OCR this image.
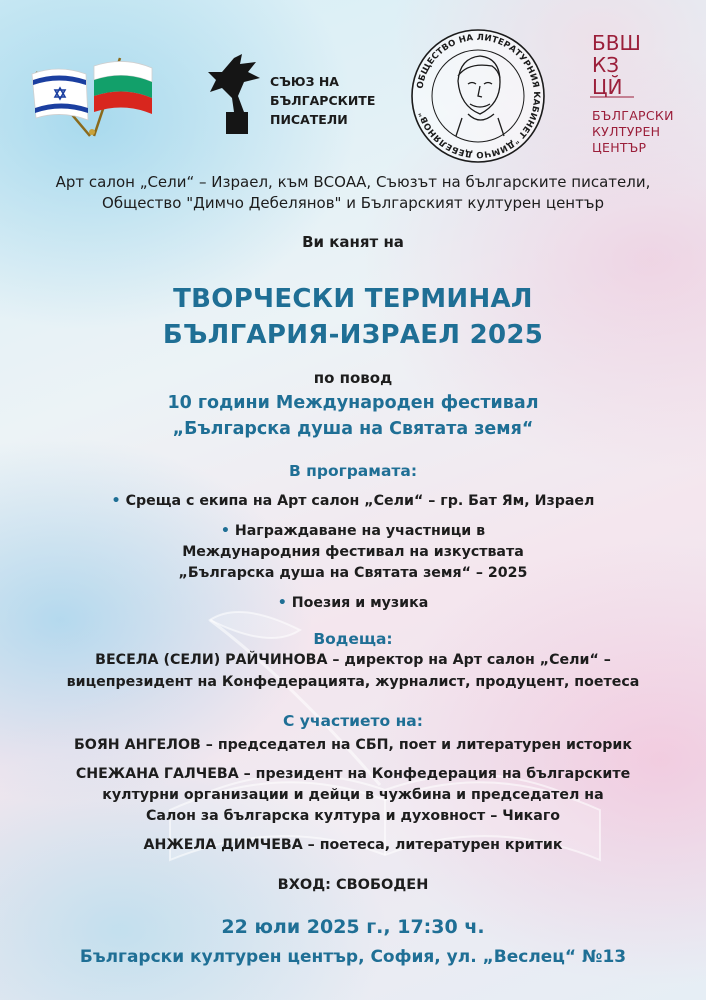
СЪЮЗ НА
БЪЛГАРСКИТЕ
ПИСАТЕЛИ
ОБЩЕСТВО НА ЛИТЕРАТУРНИЯ КАБИНЕТ "ДИМЧО ДЕБЕЛЯНОВ"
БВШ
КЗ
ЦЙ
БЪЛГАРСКИ
КУЛТУРЕН
ЦЕНТЪР
Арт салон „Сели“ – Израел, към ВСОАА, Съюзът на българските писатели,
Общество "Димчо Дебелянов" и Българският културен център
Ви канят на
ТВОРЧЕСКИ ТЕРМИНАЛ
БЪЛГАРИЯ-ИЗРАЕЛ 2025
по повод
10 години Международен фестивал
„Българска душа на Святата земя“
В програмата:
• Среща с екипа на Арт салон „Сели“ – гр. Бат Ям, Израел
• Награждаване на участници в
Международния фестивал на изкуствата
„Българска душа на Святата земя“ – 2025
• Поезия и музика
Водеща:
ВЕСЕЛА (СЕЛИ) РАЙЧИНОВА – директор на Арт салон „Сели“ –
вицепрезидент на Конфедерацията, журналист, продуцент, поетеса
С участието на:
БОЯН АНГЕЛОВ – председател на СБП, поет и литературен историк
СНЕЖАНА ГАЛЧЕВА – президент на Конфедерация на българските
културни организации и дейци в чужбина и председател на
Салон за българска култура и духовност – Чикаго
АНЖЕЛА ДИМЧЕВА – поетеса, литературен критик
ВХОД: СВОБОДЕН
22 юли 2025 г., 17:30 ч.
Български културен център, София, ул. „Веслец“ №13
